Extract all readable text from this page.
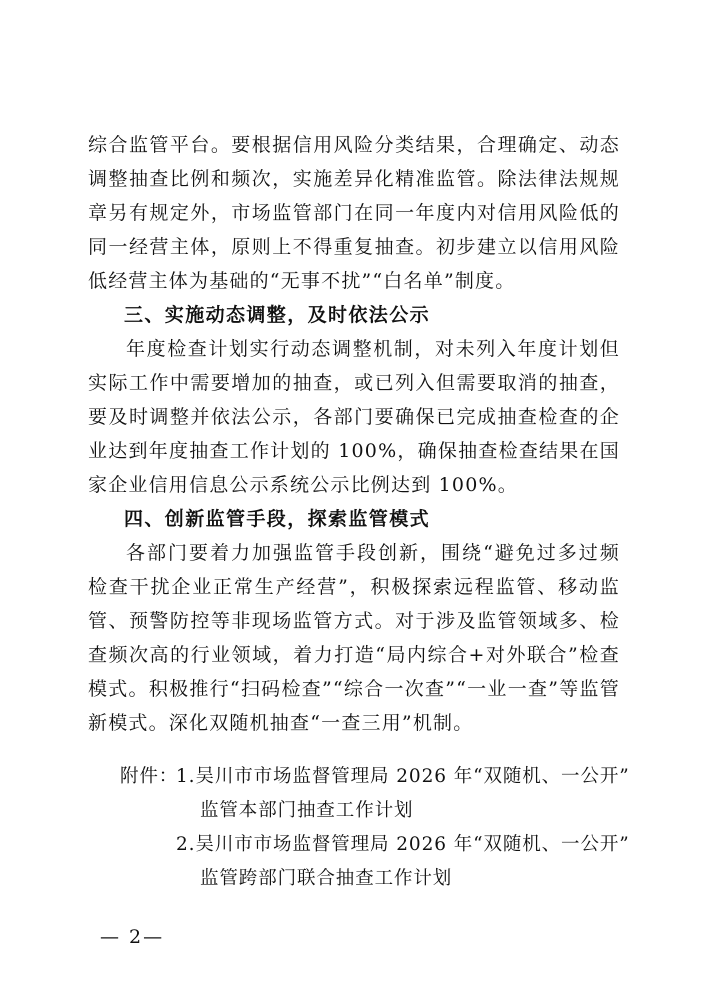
综合监管平台。要根据信用风险分类结果，合理确定、动态调整抽查比例和频次，实施差异化精准监管。除法律法规规章另有规定外，市场监管部门在同一年度内对信用风险低的同一经营主体，原则上不得重复抽查。初步建立以信用风险低经营主体为基础的“无事不扰”“白名单”制度。

三、实施动态调整，及时依法公示

年度检查计划实行动态调整机制，对未列入年度计划但实际工作中需要增加的抽查，或已列入但需要取消的抽查，要及时调整并依法公示，各部门要确保已完成抽查检查的企业达到年度抽查工作计划的 100%，确保抽查检查结果在国家企业信用信息公示系统公示比例达到 100%。

四、创新监管手段，探索监管模式

各部门要着力加强监管手段创新，围绕“避免过多过频检查干扰企业正常生产经营”，积极探索远程监管、移动监管、预警防控等非现场监管方式。对于涉及监管领域多、检查频次高的行业领域，着力打造“局内综合+对外联合”检查模式。积极推行“扫码检查”“综合一次查”“一业一查”等监管新模式。深化双随机抽查“一查三用”机制。

附件：

1.吴川市市场监督管理局 2026 年“双随机、一公开”

监管本部门抽查工作计划

2.吴川市市场监督管理局 2026 年“双随机、一公开”

监管跨部门联合抽查工作计划

— 2—
